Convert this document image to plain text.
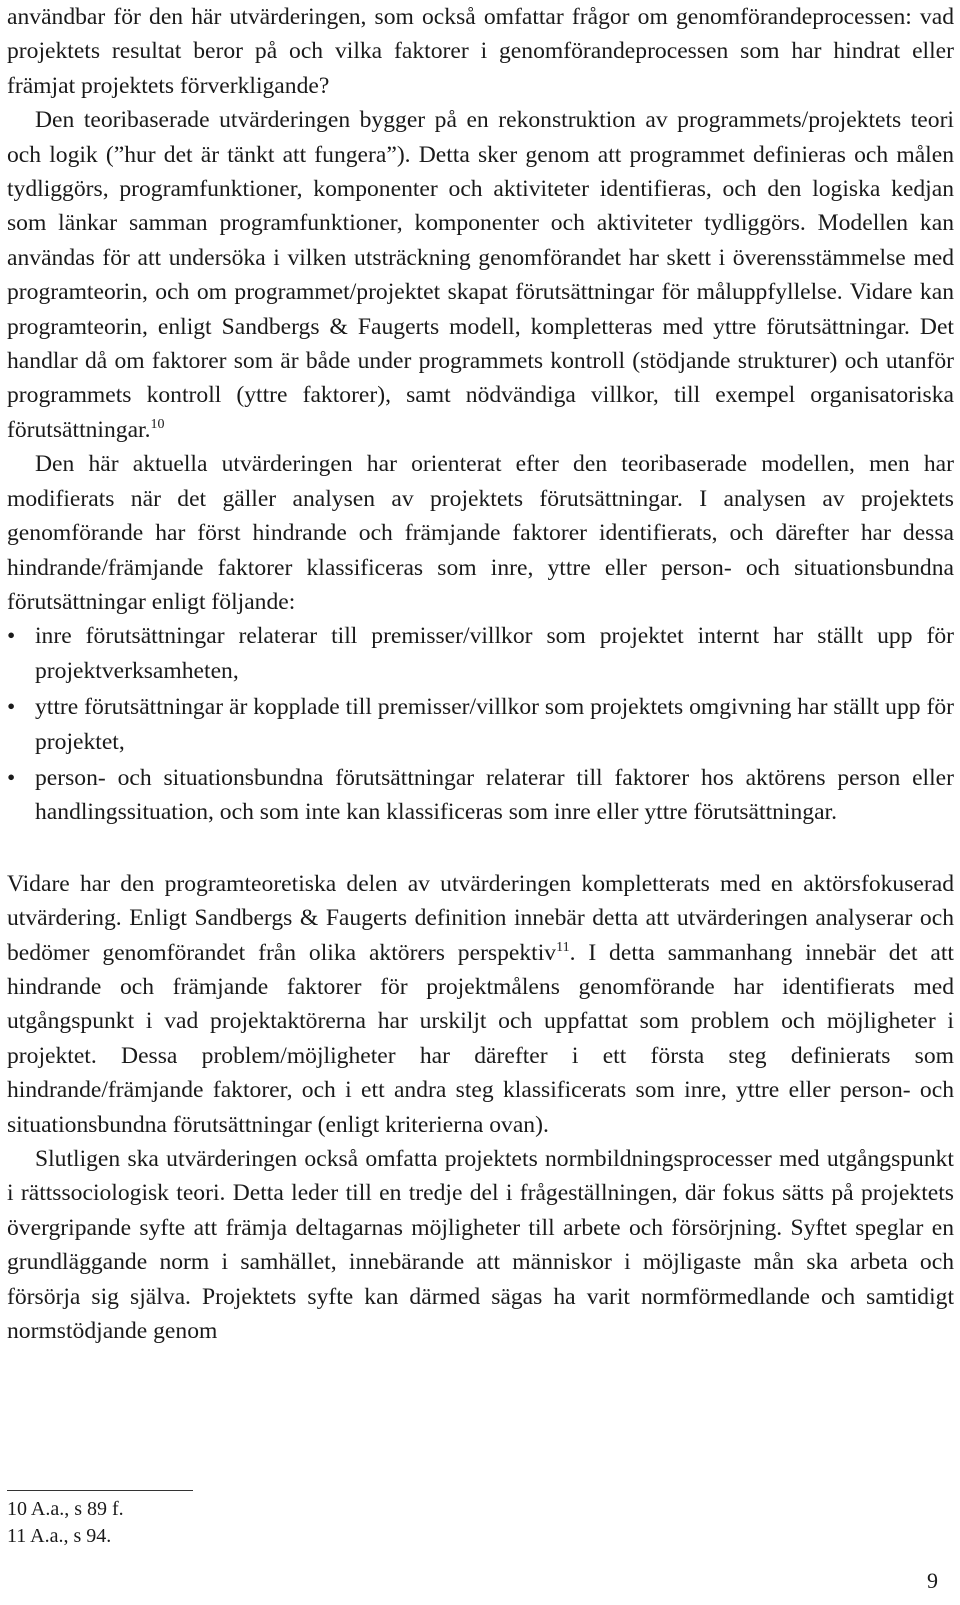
användbar för den här utvärderingen, som också omfattar frågor om genomförandeprocessen: vad projektets resultat beror på och vilka faktorer i genomförandeprocessen som har hindrat eller främjat projektets förverkligande?

Den teoribaserade utvärderingen bygger på en rekonstruktion av programmets/projektets teori och logik (”hur det är tänkt att fungera”). Detta sker genom att programmet definieras och målen tydliggörs, programfunktioner, komponenter och aktiviteter identifieras, och den logiska kedjan som länkar samman programfunktioner, komponenter och aktiviteter tydliggörs. Modellen kan användas för att undersöka i vilken utsträckning genomförandet har skett i överensstämmelse med programteorin, och om programmet/projektet skapat förutsättningar för måluppfyllelse. Vidare kan programteorin, enligt Sandbergs & Faugerts modell, kompletteras med yttre förutsättningar. Det handlar då om faktorer som är både under programmets kontroll (stödjande strukturer) och utanför programmets kontroll (yttre faktorer), samt nödvändiga villkor, till exempel organisatoriska förutsättningar.$^{10}$

Den här aktuella utvärderingen har orienterat efter den teoribaserade modellen, men har modifierats när det gäller analysen av projektets förutsättningar. I analysen av projektets genomförande har först hindrande och främjande faktorer identifierats, och därefter har dessa hindrande/främjande faktorer klassificeras som inre, yttre eller person- och situationsbundna förutsättningar enligt följande:

• inre förutsättningar relaterar till premisser/villkor som projektet internt har ställt upp för projektverksamheten,
• yttre förutsättningar är kopplade till premisser/villkor som projektets omgivning har ställt upp för projektet,
• person- och situationsbundna förutsättningar relaterar till faktorer hos aktörens person eller handlingssituation, och som inte kan klassificeras som inre eller yttre förutsättningar.

Vidare har den programteoretiska delen av utvärderingen kompletterats med en aktörsfokuserad utvärdering. Enligt Sandbergs & Faugerts definition innebär detta att utvärderingen analyserar och bedömer genomförandet från olika aktörers perspektiv$^{11}$. I detta sammanhang innebär det att hindrande och främjande faktorer för projektmålens genomförande har identifierats med utgångspunkt i vad projektaktörerna har urskiljt och uppfattat som problem och möjligheter i projektet. Dessa problem/möjligheter har därefter i ett första steg definierats som hindrande/främjande faktorer, och i ett andra steg klassificerats som inre, yttre eller person- och situationsbundna förutsättningar (enligt kriterierna ovan).

Slutligen ska utvärderingen också omfatta projektets normbildningsprocesser med utgångspunkt i rättssociologisk teori. Detta leder till en tredje del i frågeställningen, där fokus sätts på projektets övergripande syfte att främja deltagarnas möjligheter till arbete och försörjning. Syftet speglar en grundläggande norm i samhället, innebärande att människor i möjligaste mån ska arbeta och försörja sig själva. Projektets syfte kan därmed sägas ha varit normförmedlande och samtidigt normstödjande genom

10 A.a., s 89 f.
11 A.a., s 94.
9
